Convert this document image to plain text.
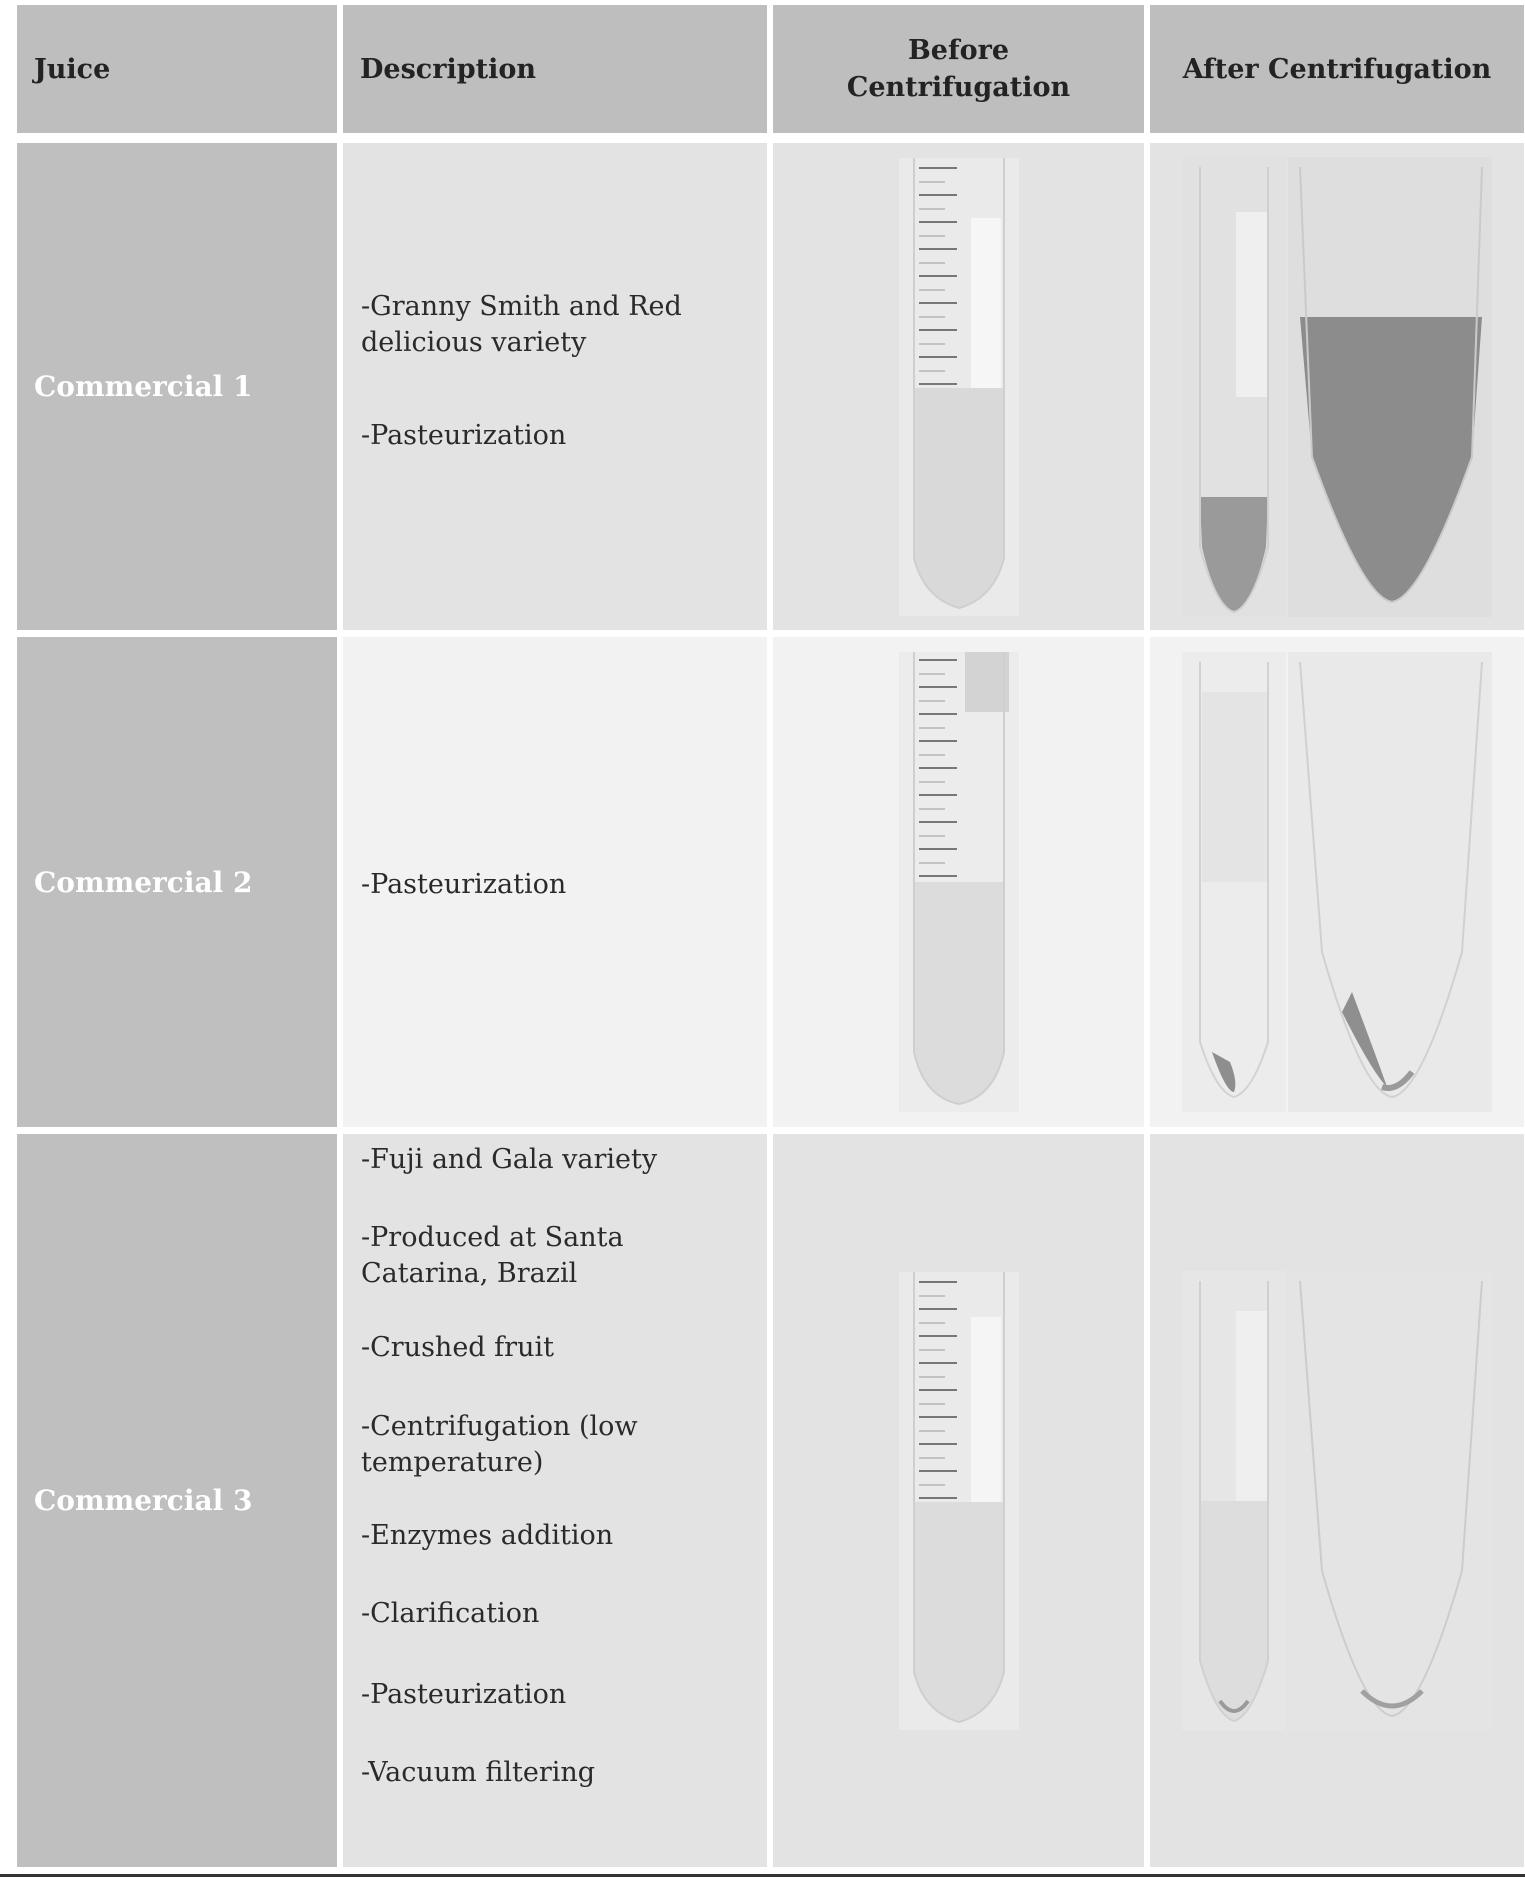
Juice	Description
Before
Centrifugation
After Centrifugation
Commercial 1

-Granny Smith and Red delicious variety

-Pasteurization

Commercial 2	-Pasteurization

Commercial 3

-Fuji and Gala variety

-Produced at Santa Catarina, Brazil

-Crushed fruit

-Centrifugation (low temperature)

-Enzymes addition

-Clarification

-Pasteurization

-Vacuum filtering
